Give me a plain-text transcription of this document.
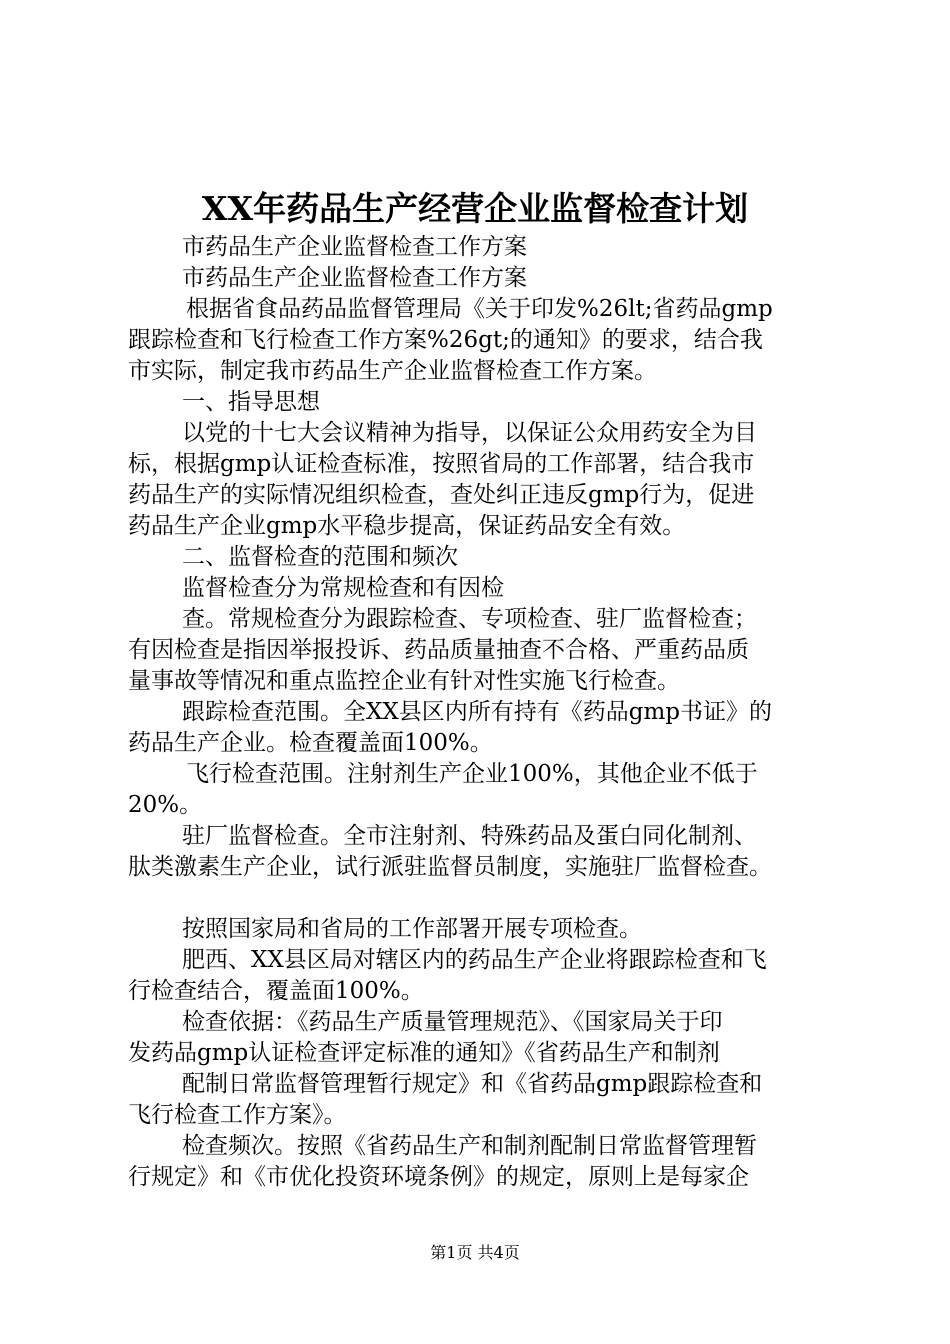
XX年药品生产经营企业监督检查计划
市药品生产企业监督检查工作方案
市药品生产企业监督检查工作方案
根据省食品药品监督管理局《关于印发%26lt;省药品gmp
跟踪检查和飞行检查工作方案%26gt;的通知》的要求，结合我
市实际，制定我市药品生产企业监督检查工作方案。
一、指导思想
以党的十七大会议精神为指导，以保证公众用药安全为目
标，根据gmp认证检查标准，按照省局的工作部署，结合我市
药品生产的实际情况组织检查，查处纠正违反gmp行为，促进
药品生产企业gmp水平稳步提高，保证药品安全有效。
二、监督检查的范围和频次
监督检查分为常规检查和有因检
查。常规检查分为跟踪检查、专项检查、驻厂监督检查；
有因检查是指因举报投诉、药品质量抽查不合格、严重药品质
量事故等情况和重点监控企业有针对性实施飞行检查。
跟踪检查范围。全XX县区内所有持有《药品gmp书证》的
药品生产企业。检查覆盖面100%。
飞行检查范围。注射剂生产企业100%，其他企业不低于
20%。
驻厂监督检查。全市注射剂、特殊药品及蛋白同化制剂、
肽类激素生产企业，试行派驻监督员制度，实施驻厂监督检查。
按照国家局和省局的工作部署开展专项检查。
肥西、XX县区局对辖区内的药品生产企业将跟踪检查和飞
行检查结合，覆盖面100%。
检查依据：《药品生产质量管理规范》、《国家局关于印
发药品gmp认证检查评定标准的通知》《省药品生产和制剂
配制日常监督管理暂行规定》和《省药品gmp跟踪检查和
飞行检查工作方案》。
检查频次。按照《省药品生产和制剂配制日常监督管理暂
行规定》和《市优化投资环境条例》的规定，原则上是每家企
第1页 共4页
